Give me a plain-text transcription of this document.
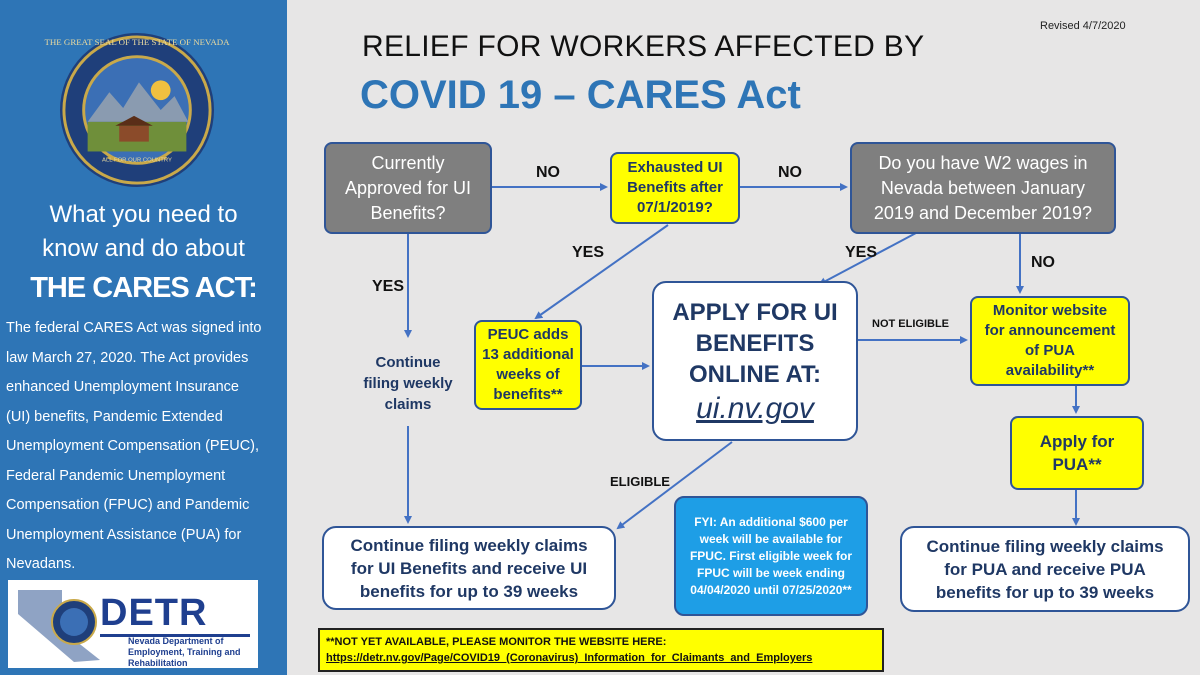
THE GREAT SEAL OF THE STATE OF NEVADA
ALL FOR OUR COUNTRY
What you need to
know and do about
THE CARES ACT:
The federal CARES Act was signed into
law March 27, 2020. The Act provides
enhanced Unemployment Insurance
(UI) benefits, Pandemic Extended
Unemployment Compensation (PEUC),
Federal Pandemic Unemployment
Compensation (FPUC) and Pandemic
Unemployment Assistance (PUA) for
Nevadans.
DETR
Nevada Department of Employment, Training and Rehabilitation
Revised 4/7/2020
RELIEF FOR WORKERS AFFECTED BY
COVID 19 – CARES Act
Currently Approved for UI Benefits?
Exhausted UI Benefits after 07/1/2019?
Do you have W2 wages in Nevada between January 2019 and December 2019?
Continue filing weekly claims
PEUC adds 13 additional weeks of benefits**
APPLY FOR UI BENEFITS ONLINE AT:
ui.nv.gov
Monitor website for announcement of PUA availability**
Apply for PUA**
Continue filing weekly claims for UI Benefits and receive UI benefits for up to 39 weeks
FYI: An additional $600 per week will be available for FPUC. First eligible week for FPUC will be week ending 04/04/2020 until 07/25/2020**
Continue filing weekly claims for PUA and receive PUA benefits for up to 39 weeks
NO	NO
NO
YES
YES	YES
NOT ELIGIBLE
ELIGIBLE
**NOT YET AVAILABLE, PLEASE MONITOR THE WEBSITE HERE:
https://detr.nv.gov/Page/COVID19_(Coronavirus)_Information_for_Claimants_and_Employers
